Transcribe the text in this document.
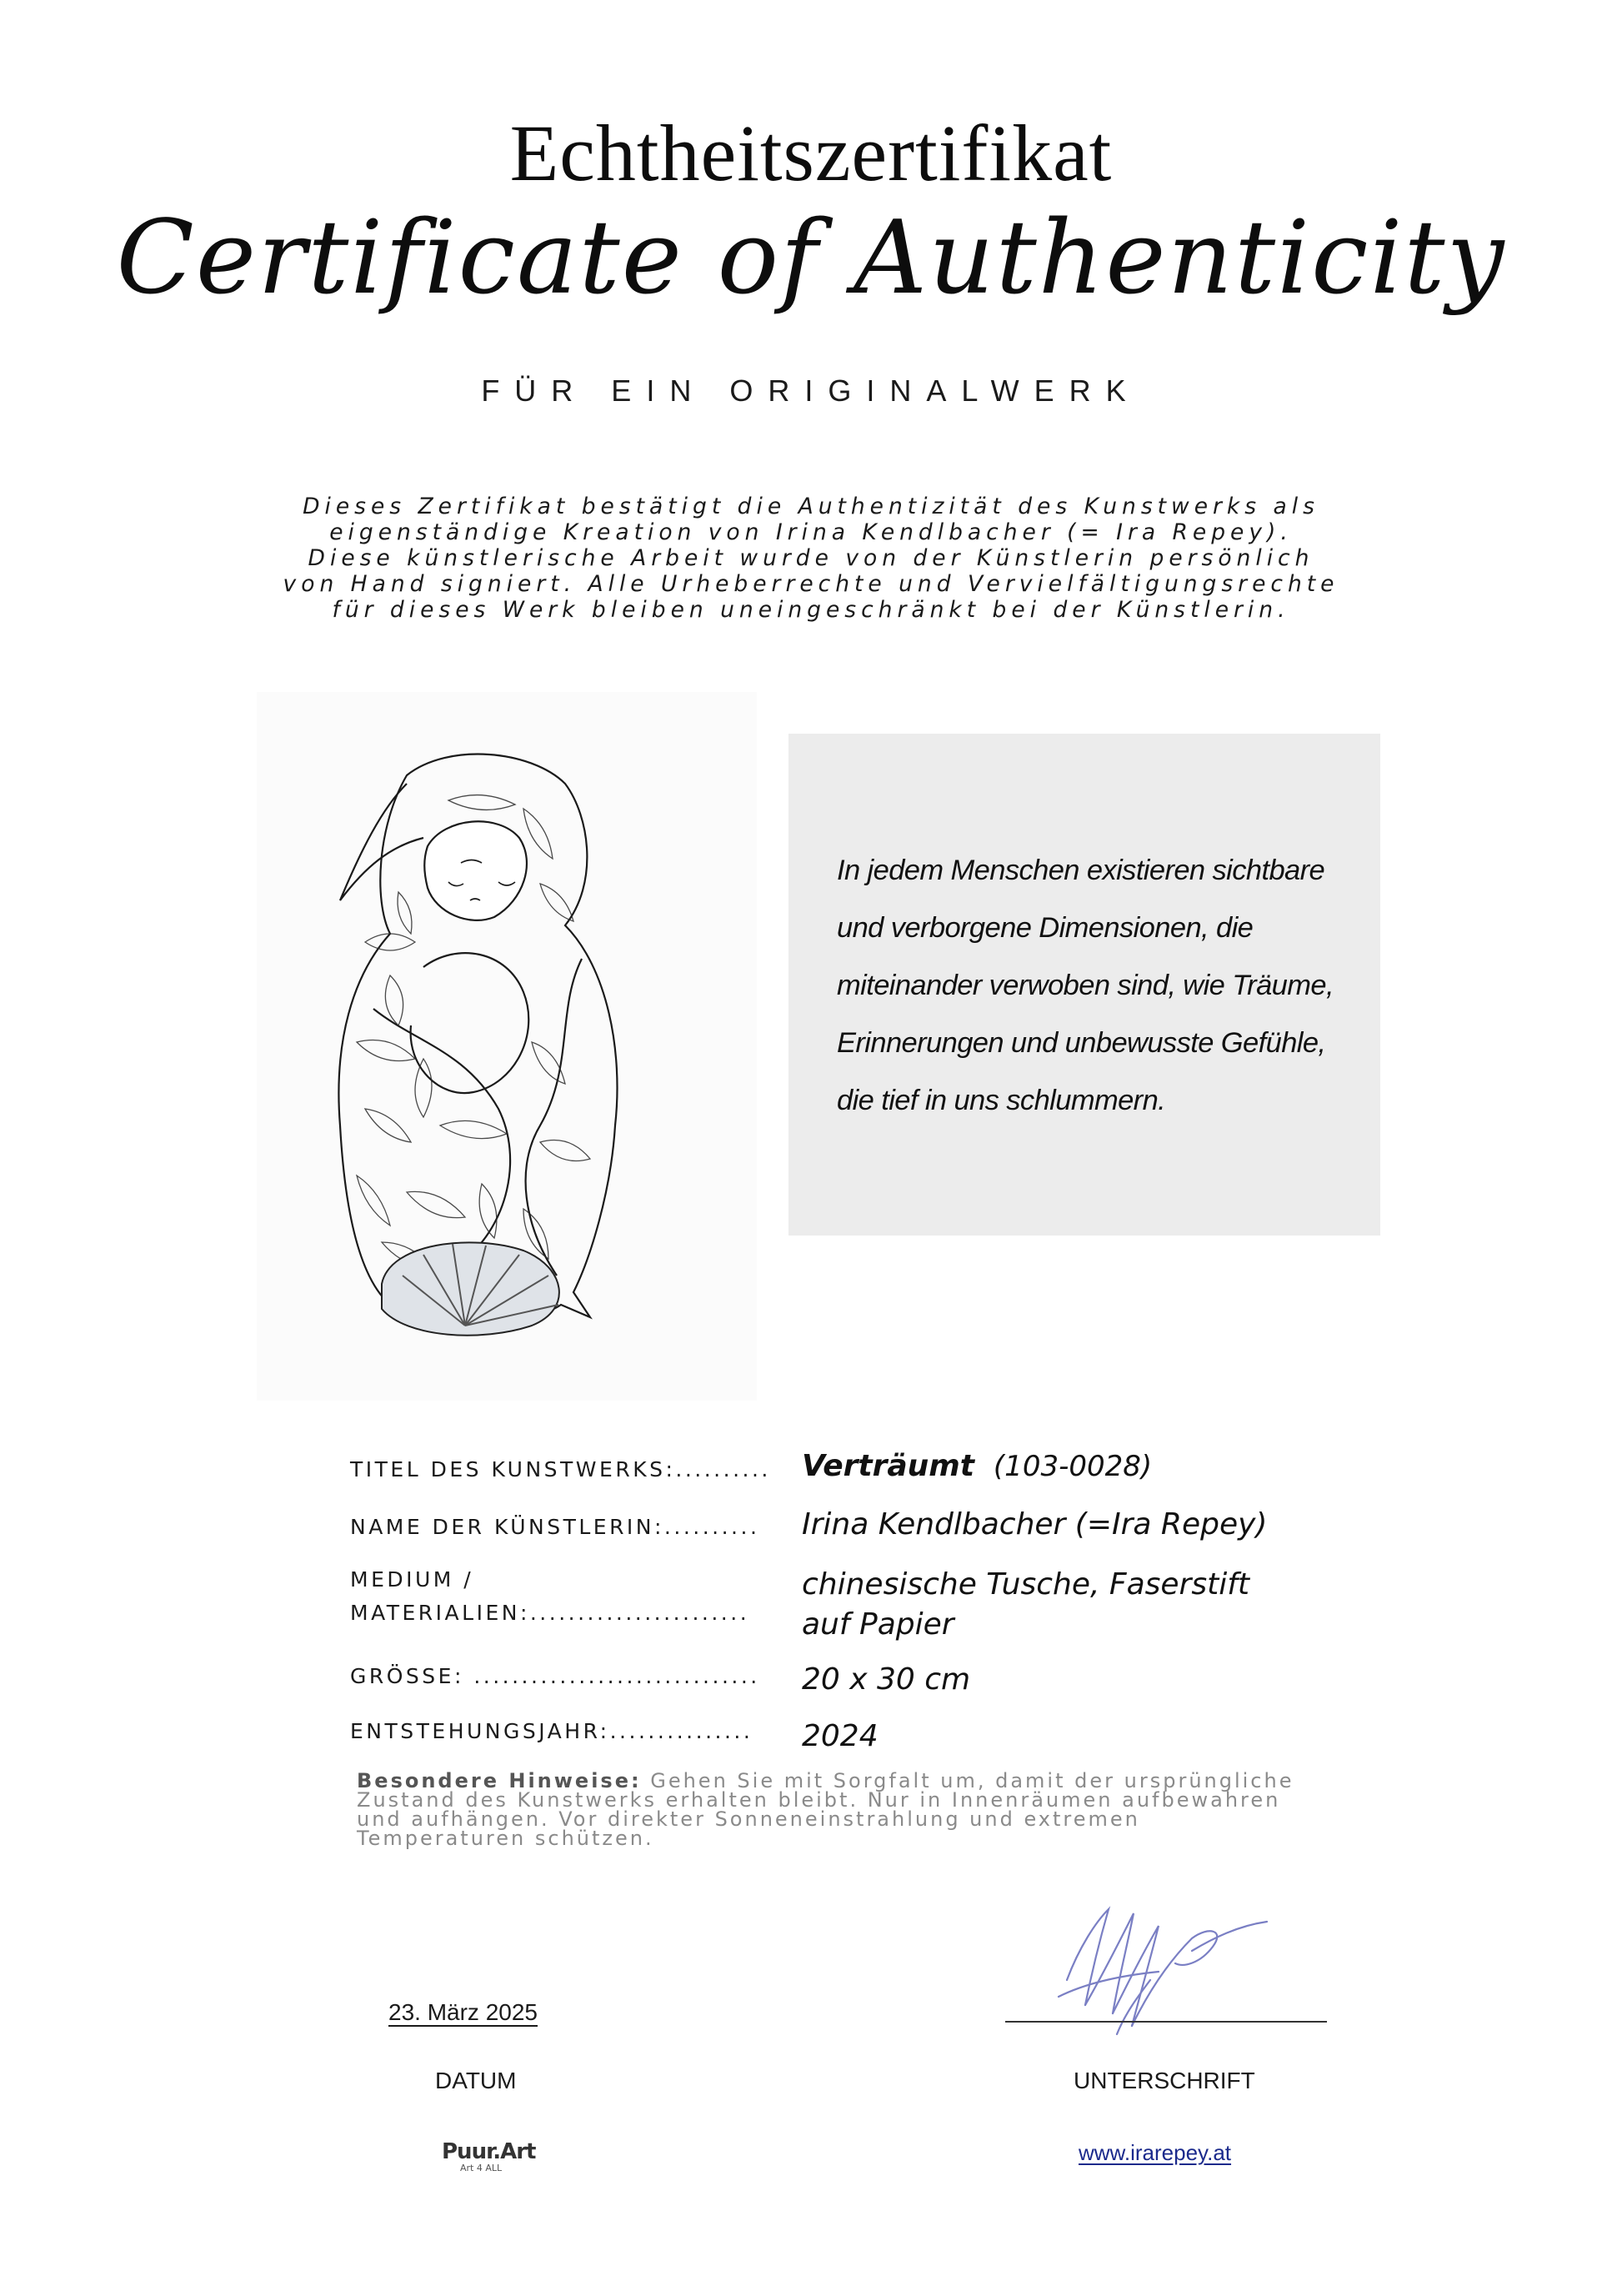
Echtheitszertifikat
Certificate of Authenticity
FÜR EIN ORIGINALWERK
Dieses Zertifikat bestätigt die Authentizität des Kunstwerks als
eigenständige Kreation von Irina Kendlbacher (= Ira Repey).
Diese künstlerische Arbeit wurde von der Künstlerin persönlich
von Hand signiert. Alle Urheberrechte und Vervielfältigungsrechte
für dieses Werk bleiben uneingeschränkt bei der Künstlerin.
In jedem Menschen existieren sichtbare
und verborgene Dimensionen, die
miteinander verwoben sind, wie Träume,
Erinnerungen und unbewusste Gefühle,
die tief in uns schlummern.
TITEL DES KUNSTWERKS:.......... Verträumt (103-0028)
NAME DER KÜNSTLERIN:.......... Irina Kendlbacher (=Ira Repey)
MEDIUM /
MATERIALIEN:.......................
chinesische Tusche, Faserstift
auf Papier
GRÖSSE: .............................. 20 x 30 cm
ENTSTEHUNGSJAHR:............... 2024
Besondere Hinweise: Gehen Sie mit Sorgfalt um, damit der ursprüngliche
Zustand des Kunstwerks erhalten bleibt. Nur in Innenräumen aufbewahren
und aufhängen. Vor direkter Sonneneinstrahlung und extremen
Temperaturen schützen.
23. März 2025
DATUM	UNTERSCHRIFT
Puur.Art
Art 4 ALL
www.irarepey.at
